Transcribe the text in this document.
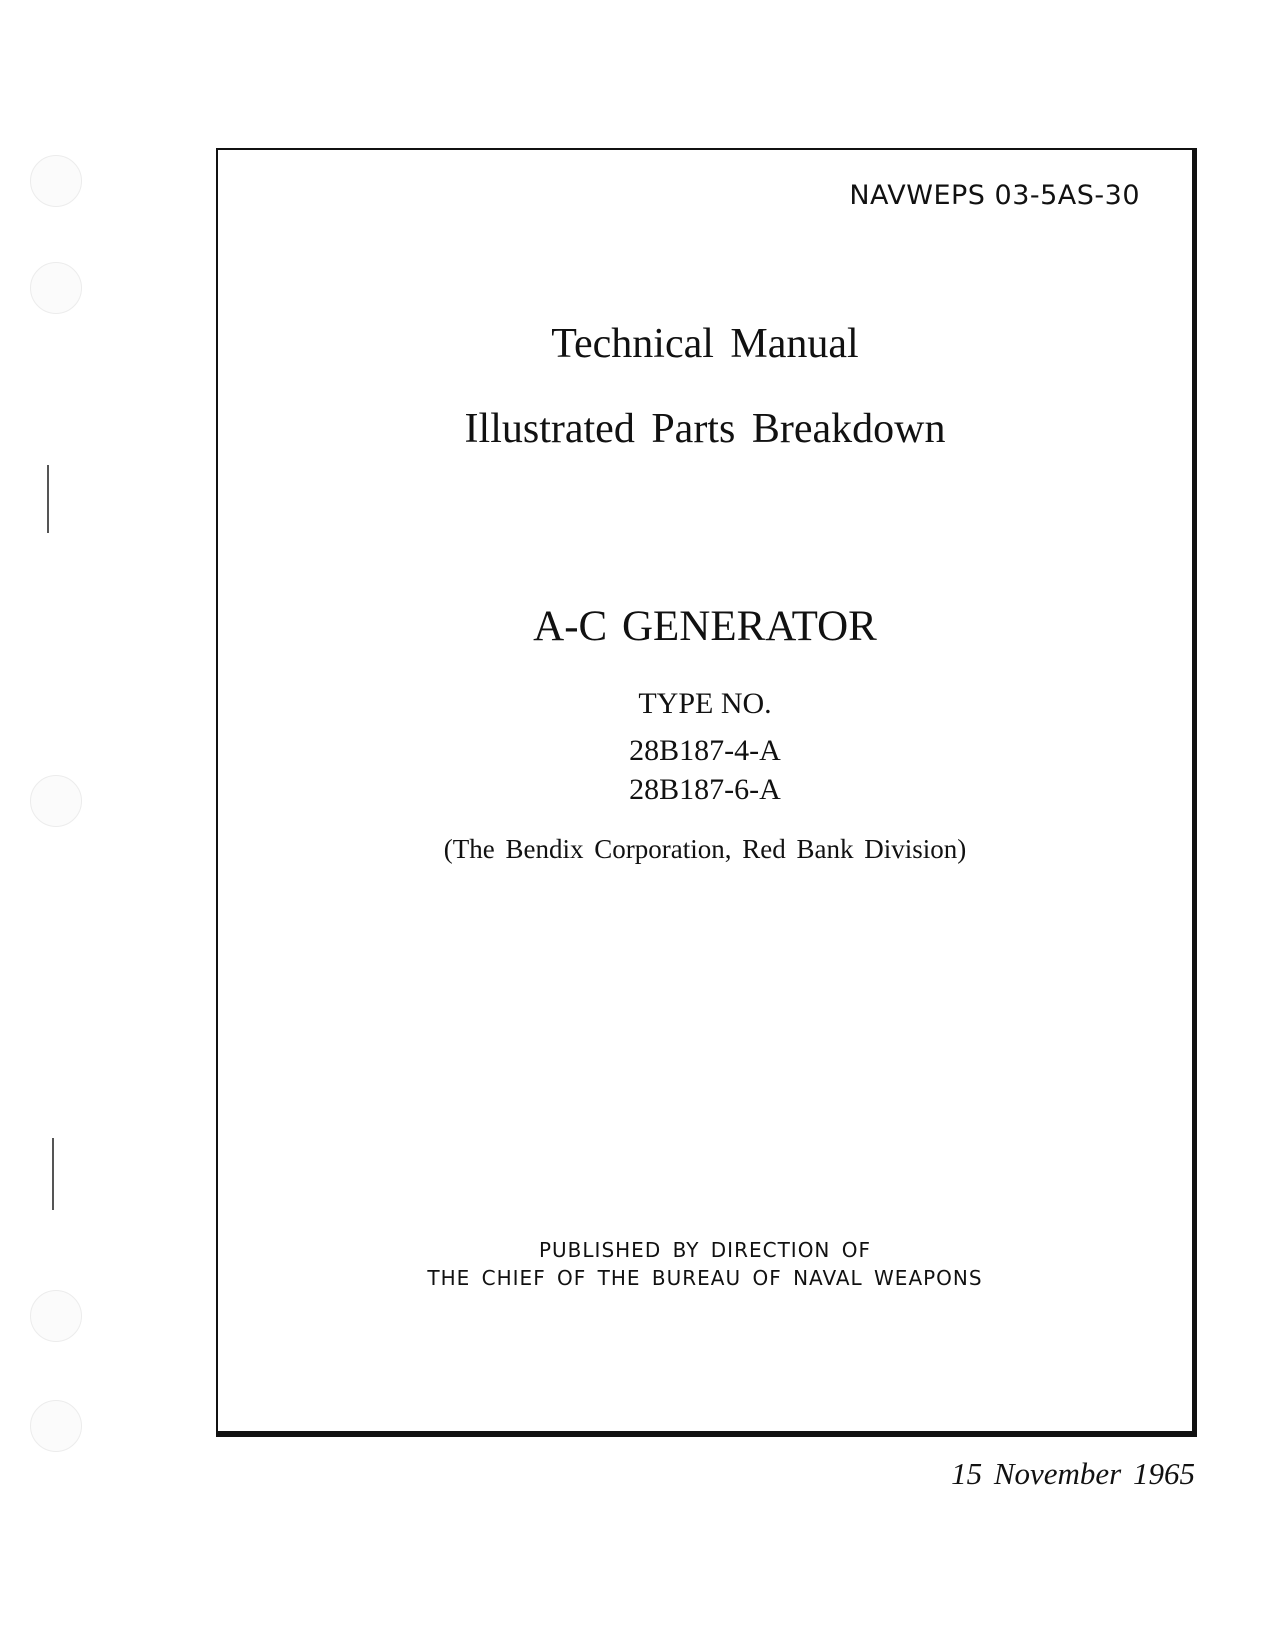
NAVWEPS 03-5AS-30
Technical Manual
Illustrated Parts Breakdown
A-C GENERATOR
TYPE NO.
28B187-4-A
28B187-6-A
(The Bendix Corporation, Red Bank Division)
PUBLISHED BY DIRECTION OF
THE CHIEF OF THE BUREAU OF NAVAL WEAPONS
15 November 1965
